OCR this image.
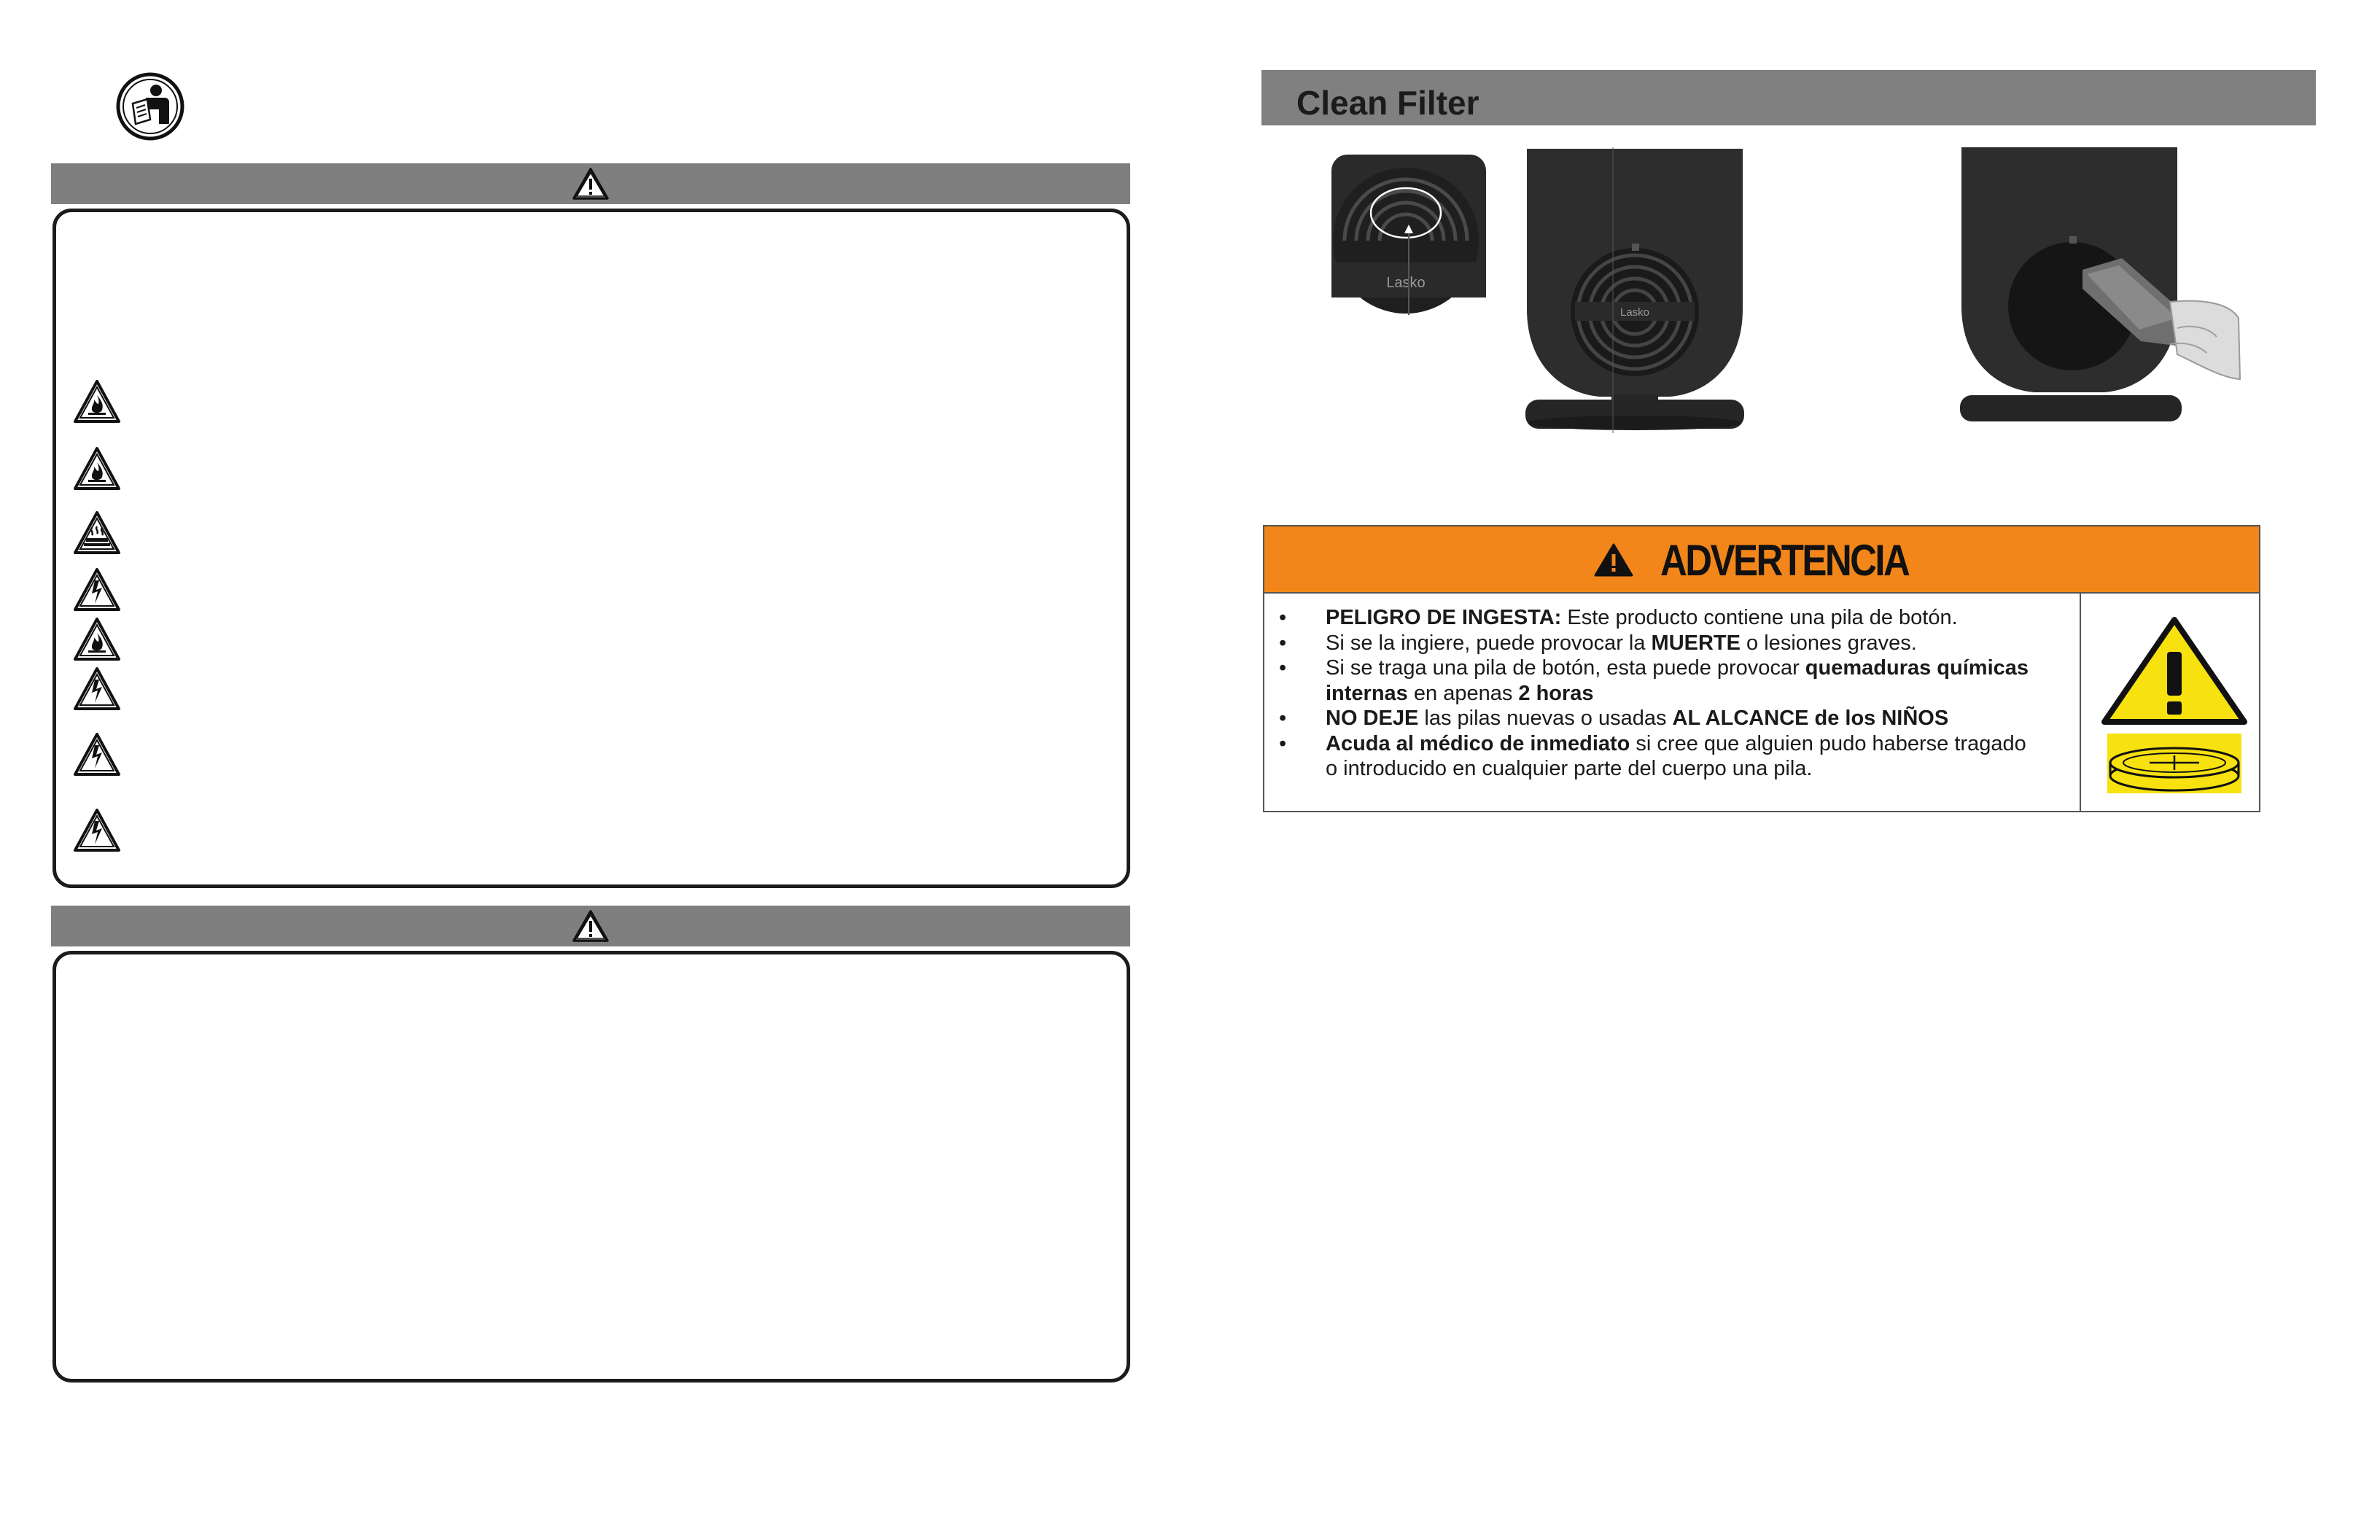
Clean Filter
Lasko
Lasko
ADVERTENCIA
• PELIGRO DE INGESTA: Este producto contiene una pila de botón.
• Si se la ingiere, puede provocar la MUERTE o lesiones graves.
• Si se traga una pila de botón, esta puede provocar quemaduras químicas
internas en apenas 2 horas
• NO DEJE las pilas nuevas o usadas AL ALCANCE de los NIÑOS
• Acuda al médico de inmediato si cree que alguien pudo haberse tragado
o introducido en cualquier parte del cuerpo una pila.
